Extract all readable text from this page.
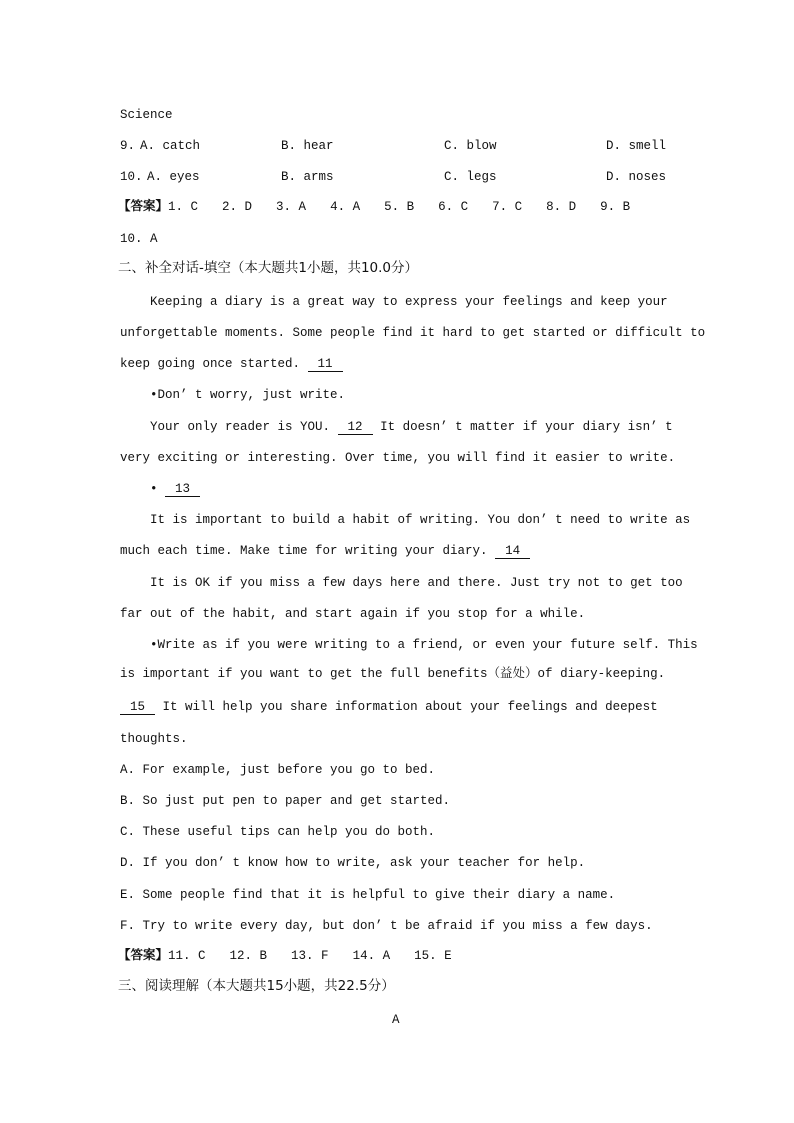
Science
9. A. catch	B. hear	C. blow	D. smell
10. A. eyes	B. arms	C. legs	D. noses
【答案】1. C 2. D 3. A 4. A 5. B 6. C 7. C 8. D 9. B
10. A
二、补全对话-填空（本大题共1小题，共10.0分）
Keeping a diary is a great way to express your feelings and keep your
unforgettable moments. Some people find it hard to get started or difficult to
keep going once started. 11
•Don’ t worry, just write.
Your only reader is YOU. 12 It doesn’ t matter if your diary isn’ t
very exciting or interesting. Over time, you will find it easier to write.
• 13
It is important to build a habit of writing. You don’ t need to write as
much each time. Make time for writing your diary. 14
It is OK if you miss a few days here and there. Just try not to get too
far out of the habit, and start again if you stop for a while.
•Write as if you were writing to a friend, or even your future self. This
is important if you want to get the full benefits（益处）of diary-keeping.
15 It will help you share information about your feelings and deepest
thoughts.
A. For example, just before you go to bed.
B. So just put pen to paper and get started.
C. These useful tips can help you do both.
D. If you don’ t know how to write, ask your teacher for help.
E. Some people find that it is helpful to give their diary a name.
F. Try to write every day, but don’ t be afraid if you miss a few days.
【答案】11. C 12. B 13. F 14. A 15. E
三、阅读理解（本大题共15小题，共22.5分）
A
